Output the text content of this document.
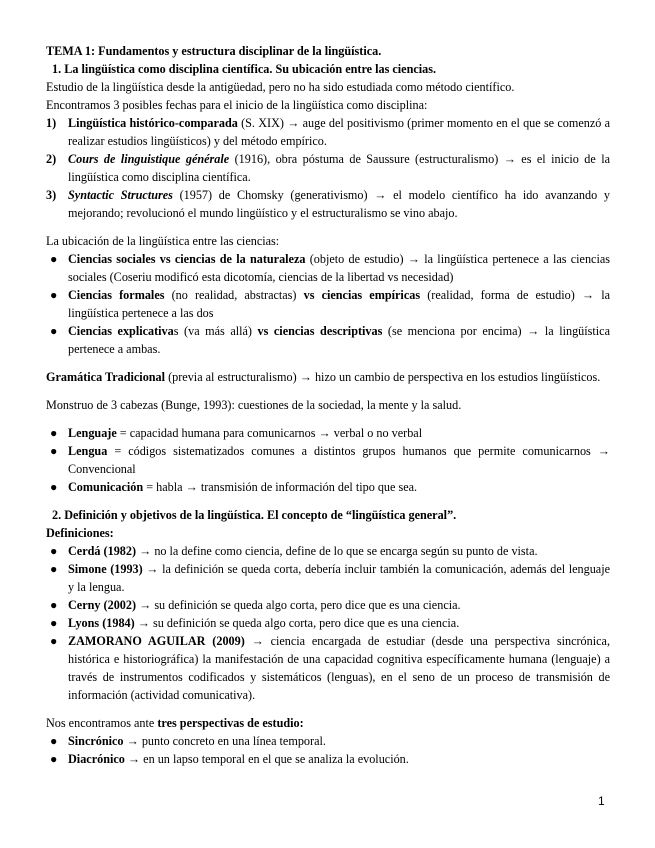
TEMA 1: Fundamentos y estructura disciplinar de la lingüística.

1. La lingüística como disciplina científica. Su ubicación entre las ciencias.

Estudio de la lingüística desde la antigüedad, pero no ha sido estudiada como método científico.

Encontramos 3 posibles fechas para el inicio de la lingüística como disciplina:

1) Lingüística histórico-comparada (S. XIX) → auge del positivismo (primer momento en el que se comenzó a realizar estudios lingüísticos) y del método empírico.
2) Cours de linguistique générale (1916), obra póstuma de Saussure (estructuralismo) → es el inicio de la lingüística como disciplina científica.
3) Syntactic Structures (1957) de Chomsky (generativismo) → el modelo científico ha ido avanzando y mejorando; revolucionó el mundo lingüístico y el estructuralismo se vino abajo.

La ubicación de la lingüística entre las ciencias:

● Ciencias sociales vs ciencias de la naturaleza (objeto de estudio) → la lingüística pertenece a las ciencias sociales (Coseriu modificó esta dicotomía, ciencias de la libertad vs necesidad)
● Ciencias formales (no realidad, abstractas) vs ciencias empíricas (realidad, forma de estudio) → la lingüística pertenece a las dos
● Ciencias explicativas (va más allá) vs ciencias descriptivas (se menciona por encima) → la lingüística pertenece a ambas.

Gramática Tradicional (previa al estructuralismo) → hizo un cambio de perspectiva en los estudios lingüísticos.

Monstruo de 3 cabezas (Bunge, 1993): cuestiones de la sociedad, la mente y la salud.

● Lenguaje = capacidad humana para comunicarnos → verbal o no verbal
● Lengua = códigos sistematizados comunes a distintos grupos humanos que permite comunicarnos → Convencional
● Comunicación = habla → transmisión de información del tipo que sea.

2. Definición y objetivos de la lingüística. El concepto de “lingüística general”.

Definiciones:

● Cerdá (1982) → no la define como ciencia, define de lo que se encarga según su punto de vista.
● Simone (1993) → la definición se queda corta, debería incluir también la comunicación, además del lenguaje y la lengua.
● Cerny (2002) → su definición se queda algo corta, pero dice que es una ciencia.
● Lyons (1984) → su definición se queda algo corta, pero dice que es una ciencia.
● ZAMORANO AGUILAR (2009) → ciencia encargada de estudiar (desde una perspectiva sincrónica, histórica e historiográfica) la manifestación de una capacidad cognitiva específicamente humana (lenguaje) a través de instrumentos codificados y sistemáticos (lenguas), en el seno de un proceso de transmisión de información (actividad comunicativa).

Nos encontramos ante tres perspectivas de estudio:

● Sincrónico → punto concreto en una línea temporal.
● Diacrónico → en un lapso temporal en el que se analiza la evolución.
1
